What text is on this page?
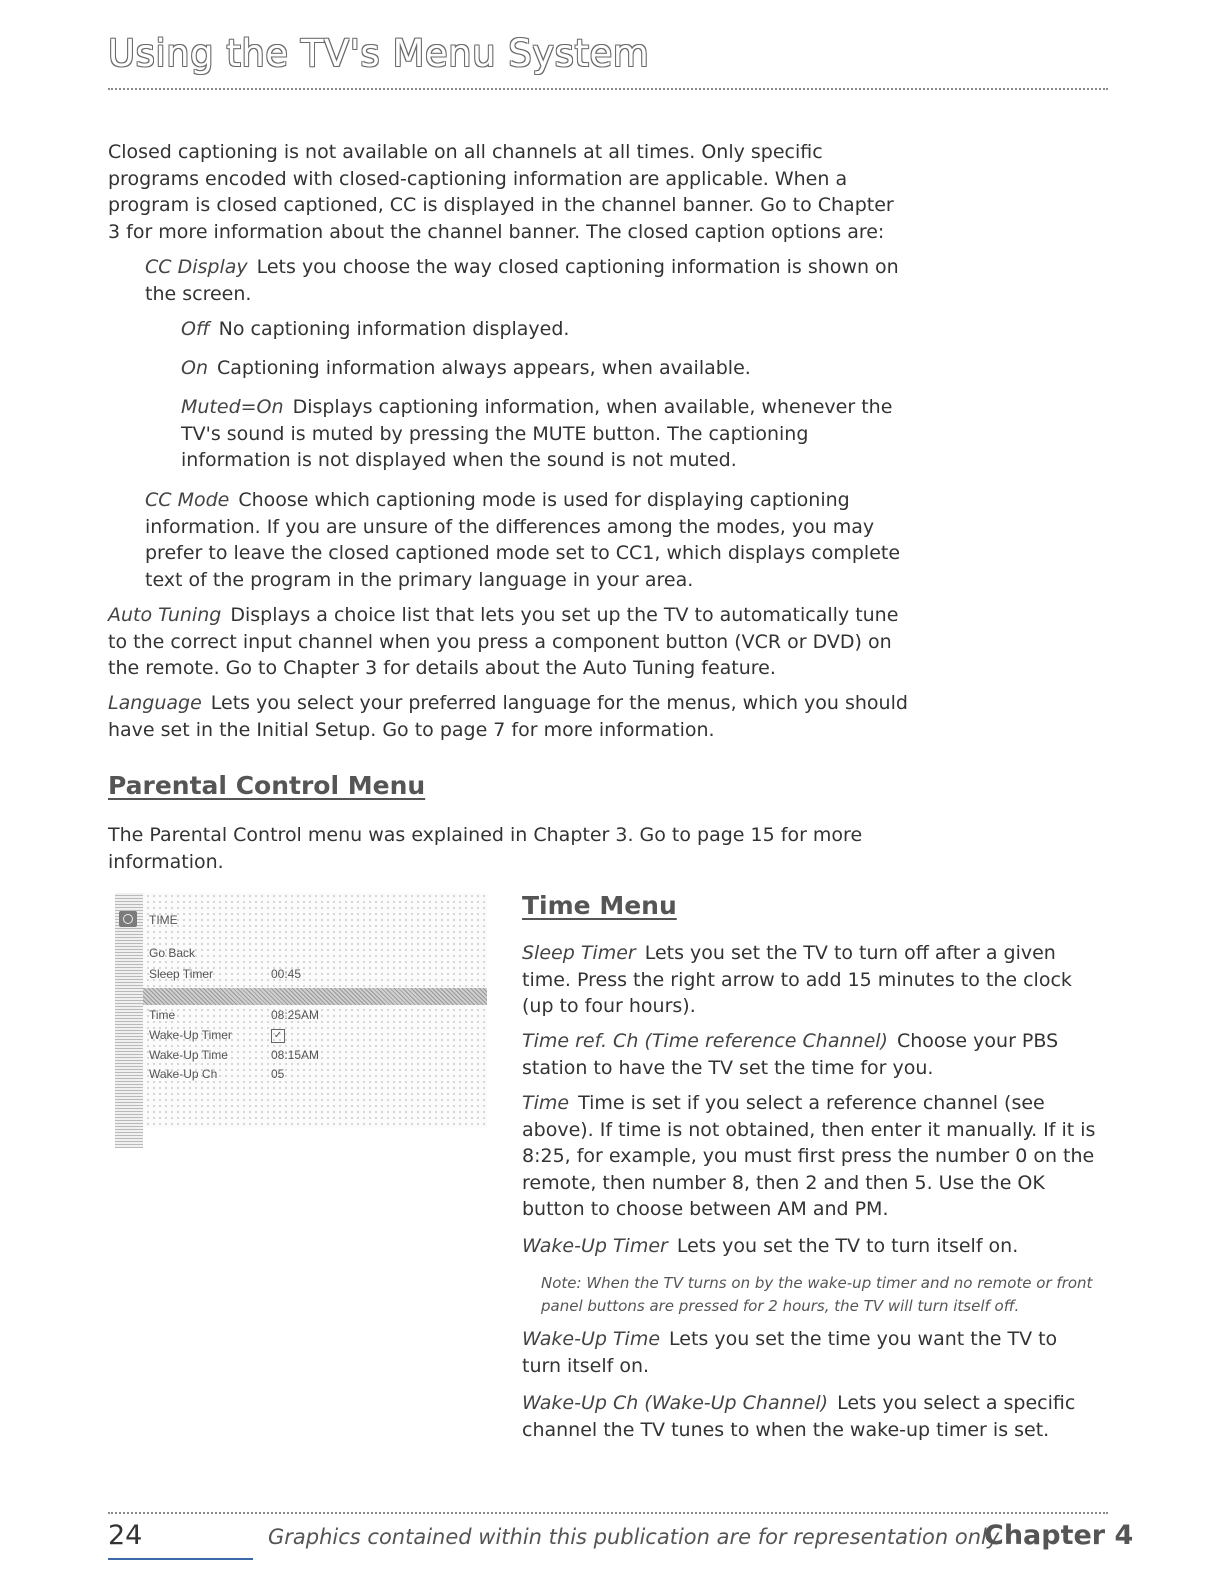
Using the TV's Menu System

Closed captioning is not available on all channels at all times. Only specific programs encoded with closed-captioning information are applicable. When a program is closed captioned, CC is displayed in the channel banner. Go to Chapter 3 for more information about the channel banner. The closed caption options are:

CC Display Lets you choose the way closed captioning information is shown on the screen.

Off No captioning information displayed.

On Captioning information always appears, when available.

Muted=On Displays captioning information, when available, whenever the TV's sound is muted by pressing the MUTE button. The captioning information is not displayed when the sound is not muted.

CC Mode Choose which captioning mode is used for displaying captioning information. If you are unsure of the differences among the modes, you may prefer to leave the closed captioned mode set to CC1, which displays complete text of the program in the primary language in your area.

Auto Tuning Displays a choice list that lets you set up the TV to automatically tune to the correct input channel when you press a component button (VCR or DVD) on the remote. Go to Chapter 3 for details about the Auto Tuning feature.

Language Lets you select your preferred language for the menus, which you should have set in the Initial Setup. Go to page 7 for more information.

Parental Control Menu

The Parental Control menu was explained in Chapter 3. Go to page 15 for more information.

TIME
Go Back
Sleep Timer	00:45
Time	08:25AM
Wake-Up Timer	✓
Wake-Up Time	08:15AM
Wake-Up Ch	05
Time Menu

Sleep Timer Lets you set the TV to turn off after a given time. Press the right arrow to add 15 minutes to the clock (up to four hours).

Time ref. Ch (Time reference Channel) Choose your PBS station to have the TV set the time for you.

Time Time is set if you select a reference channel (see above). If time is not obtained, then enter it manually. If it is 8:25, for example, you must first press the number 0 on the remote, then number 8, then 2 and then 5. Use the OK button to choose between AM and PM.

Wake-Up Timer Lets you set the TV to turn itself on.

Note: When the TV turns on by the wake-up timer and no remote or front panel buttons are pressed for 2 hours, the TV will turn itself off.

Wake-Up Time Lets you set the time you want the TV to turn itself on.

Wake-Up Ch (Wake-Up Channel) Lets you select a specific channel the TV tunes to when the wake-up timer is set.

24	Graphics contained within this publication are for representation only.

Chapter 4
